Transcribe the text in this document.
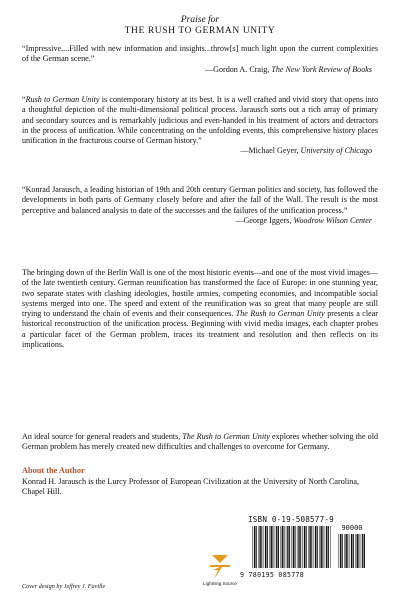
Praise for
THE RUSH TO GERMAN UNITY

“Impressive....Filled with new information and insights...throw[s] much light upon the current complexities of the German scene.”

—Gordon A. Craig, The New York Review of Books

“Rush to German Unity is contemporary history at its best. It is a well crafted and vivid story that opens into a thoughtful depiction of the multi-dimensional political process. Jarausch sorts out a rich array of primary and secondary sources and is remarkably judicious and even-handed in his treatment of actors and detractors in the process of unification. While concentrating on the unfolding events, this comprehensive history places unification in the fracturous course of German history.”

—Michael Geyer, University of Chicago

“Konrad Jarausch, a leading historian of 19th and 20th century German politics and society, has followed the developments in both parts of Germany closely before and after the fall of the Wall. The result is the most perceptive and balanced analysis to date of the successes and the failures of the unification process.”

—George Iggers, Woodrow Wilson Center

The bringing down of the Berlin Wall is one of the most historic events—and one of the most vivid images—of the late twentieth century. German reunification has transformed the face of Europe: in one stunning year, two separate states with clashing ideologies, hostile armies, competing economies, and incompatible social systems merged into one. The speed and extent of the reunification was so great that many people are still trying to understand the chain of events and their consequences. The Rush to German Unity presents a clear historical reconstruction of the unification process. Beginning with vivid media images, each chapter probes a particular facet of the German problem, traces its treatment and resolution and then reflects on its implications.

An ideal source for general readers and students, The Rush to German Unity explores whether solving the old German problem has merely created new difficulties and challenges to overcome for Germany.

About the Author
Konrad H. Jarausch is the Lurcy Professor of European Civilization at the University of North Carolina, Chapel Hill.
ISBN 0-19-508577-9
90000
9 780195 085778
Lightning Source
Cover design by Jeffrey J. Faville
